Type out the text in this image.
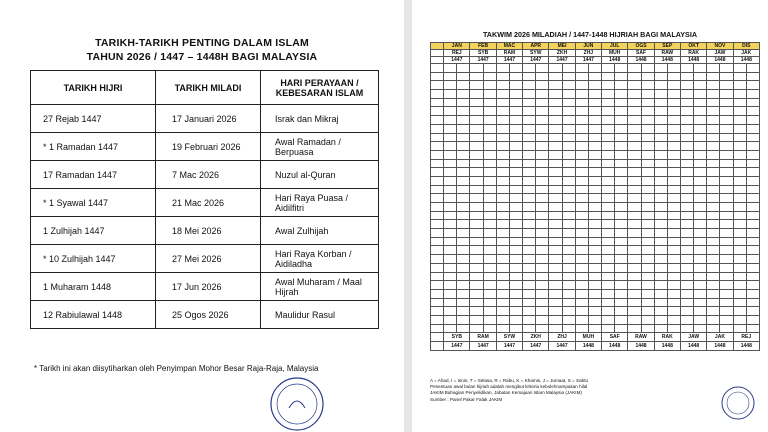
TARIKH-TARIKH PENTING DALAM ISLAM
TAHUN 2026 / 1447 – 1448H BAGI MALAYSIA
TARIKH HIJRI	TARIKH MILADI	HARI PERAYAAN / KEBESARAN ISLAM
27 Rejab 1447	17 Januari 2026	Israk dan Mikraj
* 1 Ramadan 1447	19 Februari 2026	Awal Ramadan / Berpuasa
17 Ramadan 1447	7 Mac 2026	Nuzul al-Quran
* 1 Syawal 1447	21 Mac 2026	Hari Raya Puasa / Aidilfitri
1 Zulhijah 1447	18 Mei 2026	Awal Zulhijah
* 10 Zulhijah 1447	27 Mei 2026	Hari Raya Korban / Aidiladha
1 Muharam 1448	17 Jun 2026	Awal Muharam / Maal Hijrah
12 Rabiulawal 1448	25 Ogos 2026	Maulidur Rasul
* Tarikh ini akan diisytiharkan oleh Penyimpan Mohor Besar Raja-Raja, Malaysia
TAKWIM 2026 MILADIAH / 1447-1448 HIJRIAH BAGI MALAYSIA
	JAN		FEB		MAC		APR		MEI		JUN		JUL		OGS		SEP		OKT		NOV		DIS	
	REJ		SYB		RAM		SYW		ZKH		ZHJ		MUH		SAF		RAW		RAK		JAW		JAK	
	1447		1447		1447		1447		1447		1447		1448		1448		1448		1448		1448		1448	

	SYB		RAM		SYW		ZKH		ZHJ		MUH		SAF		RAW		RAK		JAW		JAK		REJ	
	1447		1447		1447		1447		1447		1448		1448		1448		1448		1448		1448		1448	
A = Ahad, I = Isnin, T = Selasa, R = Rabu, K = Khamis, J = Jumaat, S = Sabtu
Penentuan awal bulan hijriah adalah mengikut kriteria kebolehnampakan hilal
JAKIM Bahagian Penyelidikan, Jabatan Kemajuan Islam Malaysia (JAKIM)
Sumber : Panel Pakar Falak JAKIM
